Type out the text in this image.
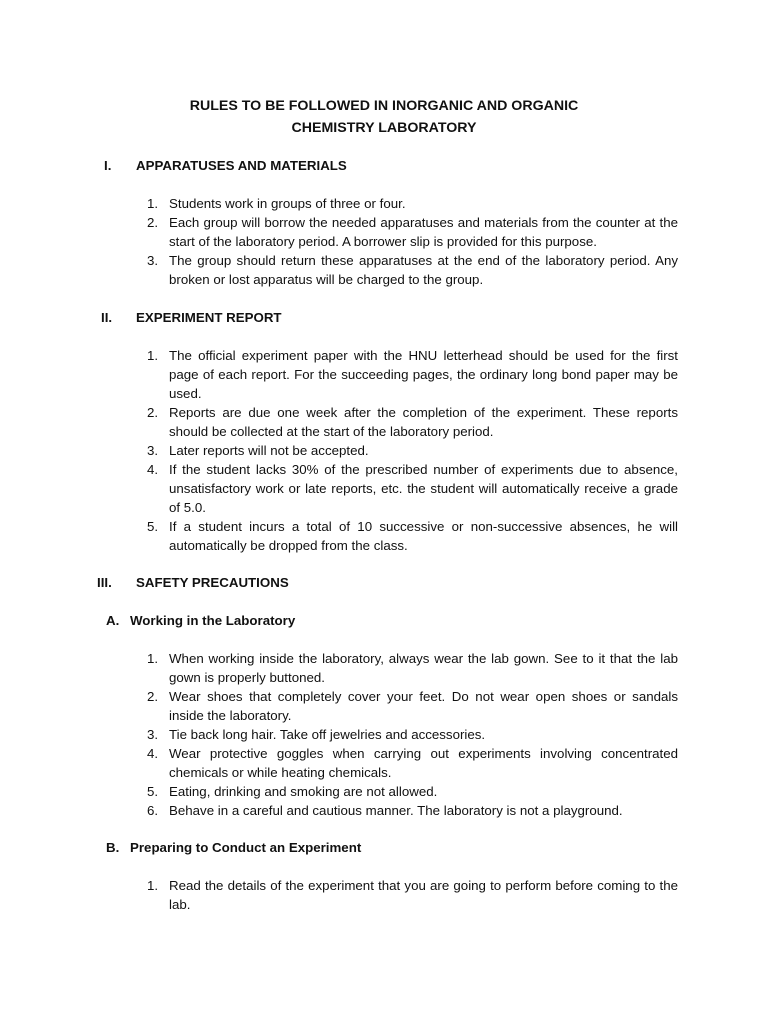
RULES TO BE FOLLOWED IN INORGANIC AND ORGANIC
CHEMISTRY LABORATORY
I. APPARATUSES AND MATERIALS
1. Students work in groups of three or four.
2. Each group will borrow the needed apparatuses and materials from the counter at the start of the laboratory period. A borrower slip is provided for this purpose.
3. The group should return these apparatuses at the end of the laboratory period. Any broken or lost apparatus will be charged to the group.
II. EXPERIMENT REPORT
1. The official experiment paper with the HNU letterhead should be used for the first page of each report. For the succeeding pages, the ordinary long bond paper may be used.
2. Reports are due one week after the completion of the experiment. These reports should be collected at the start of the laboratory period.
3. Later reports will not be accepted.
4. If the student lacks 30% of the prescribed number of experiments due to absence, unsatisfactory work or late reports, etc. the student will automatically receive a grade of 5.0.
5. If a student incurs a total of 10 successive or non-successive absences, he will automatically be dropped from the class.
III. SAFETY PRECAUTIONS
A. Working in the Laboratory
1. When working inside the laboratory, always wear the lab gown. See to it that the lab gown is properly buttoned.
2. Wear shoes that completely cover your feet. Do not wear open shoes or sandals inside the laboratory.
3. Tie back long hair. Take off jewelries and accessories.
4. Wear protective goggles when carrying out experiments involving concentrated chemicals or while heating chemicals.
5. Eating, drinking and smoking are not allowed.
6. Behave in a careful and cautious manner. The laboratory is not a playground.
B. Preparing to Conduct an Experiment
1. Read the details of the experiment that you are going to perform before coming to the lab.
